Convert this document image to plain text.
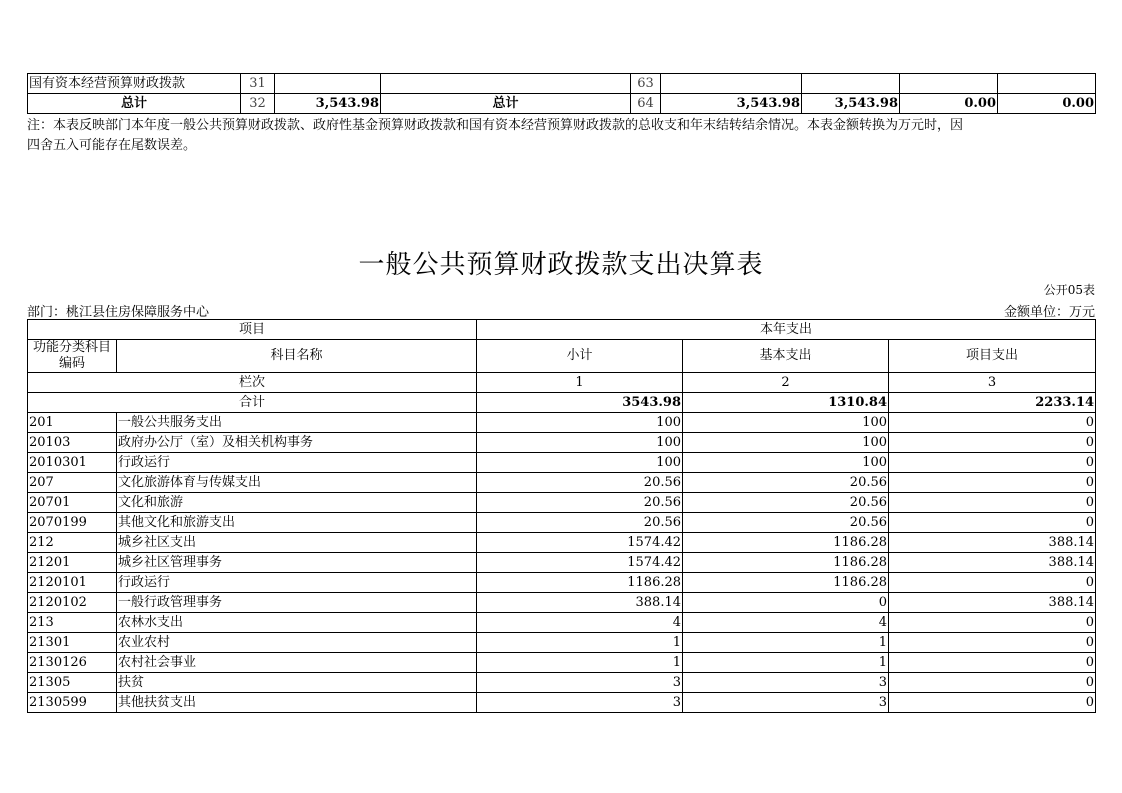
国有资本经营预算财政拨款	31			63				
总计	32	3,543.98	总计	64	3,543.98	3,543.98	0.00	0.00
注：本表反映部门本年度一般公共预算财政拨款、政府性基金预算财政拨款和国有资本经营预算财政拨款的总收支和年末结转结余情况。本表金额转换为万元时，因
四舍五入可能存在尾数误差。
一般公共预算财政拨款支出决算表
公开05表
部门：桃江县住房保障服务中心	金额单位：万元
项目		本年支出		
功能分类科目编码	科目名称	小计	基本支出	项目支出
栏次		1	2	3
合计		3543.98	1310.84	2233.14
201	一般公共服务支出	100	100	0
20103	政府办公厅（室）及相关机构事务	100	100	0
2010301	行政运行	100	100	0
207	文化旅游体育与传媒支出	20.56	20.56	0
20701	文化和旅游	20.56	20.56	0
2070199	其他文化和旅游支出	20.56	20.56	0
212	城乡社区支出	1574.42	1186.28	388.14
21201	城乡社区管理事务	1574.42	1186.28	388.14
2120101	行政运行	1186.28	1186.28	0
2120102	一般行政管理事务	388.14	0	388.14
213	农林水支出	4	4	0
21301	农业农村	1	1	0
2130126	农村社会事业	1	1	0
21305	扶贫	3	3	0
2130599	其他扶贫支出	3	3	0
